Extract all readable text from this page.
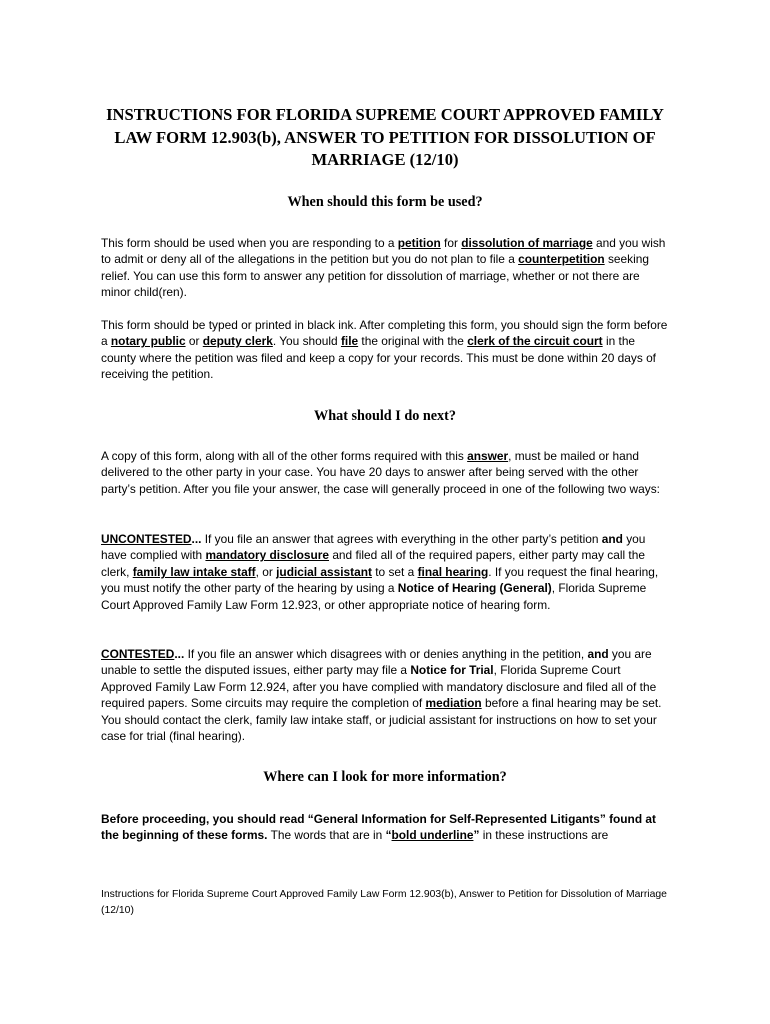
INSTRUCTIONS FOR FLORIDA SUPREME COURT APPROVED FAMILY LAW FORM 12.903(b), ANSWER TO PETITION FOR DISSOLUTION OF MARRIAGE (12/10)
When should this form be used?

This form should be used when you are responding to a petition for dissolution of marriage and you wish to admit or deny all of the allegations in the petition but you do not plan to file a counterpetition seeking relief. You can use this form to answer any petition for dissolution of marriage, whether or not there are minor child(ren).

This form should be typed or printed in black ink. After completing this form, you should sign the form before a notary public or deputy clerk. You should file the original with the clerk of the circuit court in the county where the petition was filed and keep a copy for your records. This must be done within 20 days of receiving the petition.

What should I do next?

A copy of this form, along with all of the other forms required with this answer, must be mailed or hand delivered to the other party in your case. You have 20 days to answer after being served with the other party’s petition. After you file your answer, the case will generally proceed in one of the following two ways:

UNCONTESTED... If you file an answer that agrees with everything in the other party’s petition and you have complied with mandatory disclosure and filed all of the required papers, either party may call the clerk, family law intake staff, or judicial assistant to set a final hearing. If you request the final hearing, you must notify the other party of the hearing by using a Notice of Hearing (General), Florida Supreme Court Approved Family Law Form 12.923, or other appropriate notice of hearing form.

CONTESTED... If you file an answer which disagrees with or denies anything in the petition, and you are unable to settle the disputed issues, either party may file a Notice for Trial, Florida Supreme Court Approved Family Law Form 12.924, after you have complied with mandatory disclosure and filed all of the required papers. Some circuits may require the completion of mediation before a final hearing may be set. You should contact the clerk, family law intake staff, or judicial assistant for instructions on how to set your case for trial (final hearing).

Where can I look for more information?

Before proceeding, you should read “General Information for Self-Represented Litigants” found at the beginning of these forms. The words that are in “bold underline” in these instructions are

Instructions for Florida Supreme Court Approved Family Law Form 12.903(b), Answer to Petition for Dissolution of Marriage (12/10)
